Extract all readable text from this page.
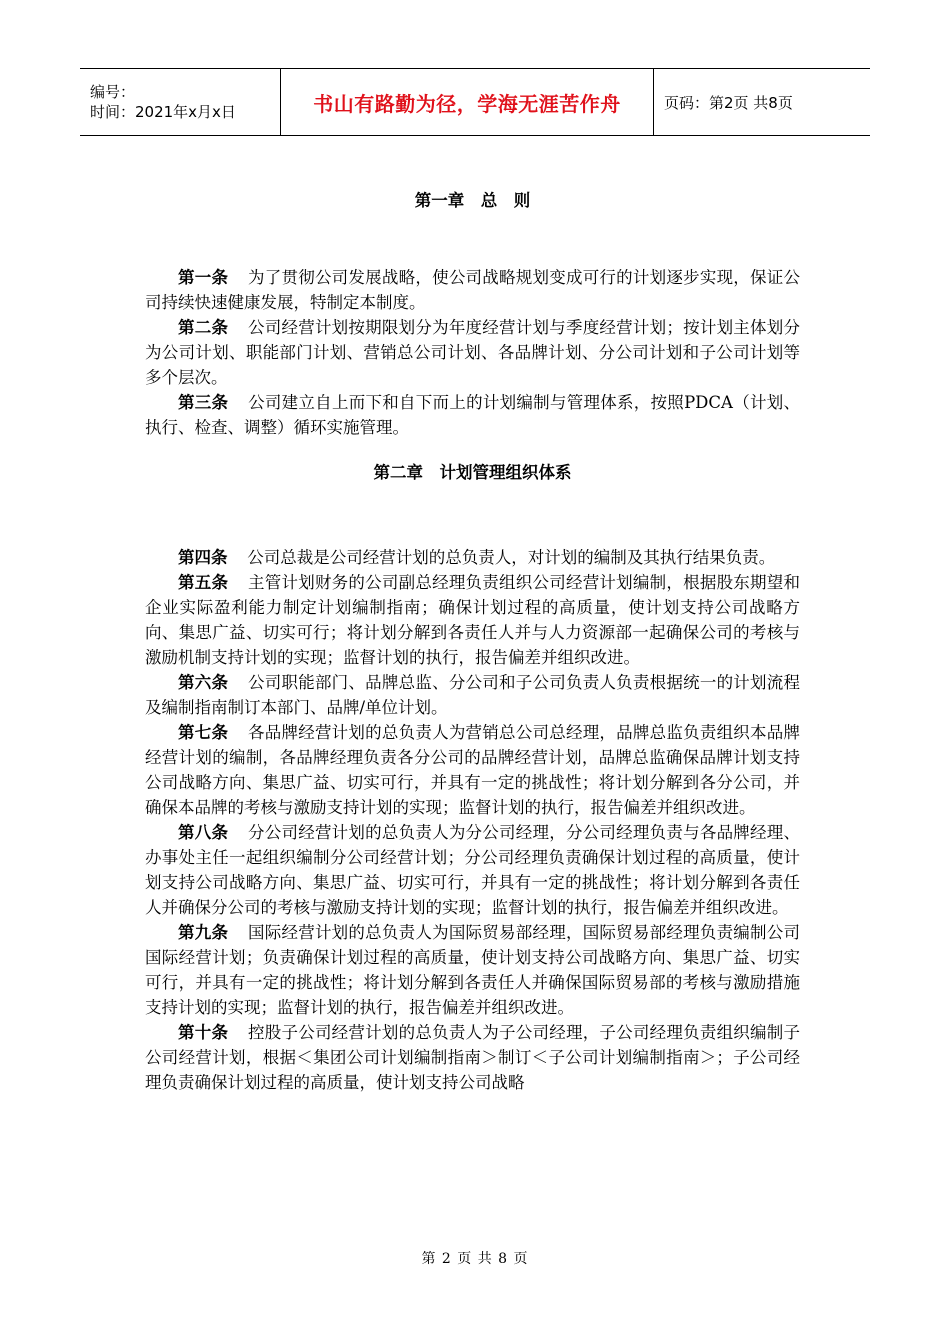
编号：
时间：2021年x月x日	书山有路勤为径，学海无涯苦作舟	页码：第2页 共8页
第一章　总　则

第一条 为了贯彻公司发展战略，使公司战略规划变成可行的计划逐步实现，保证公司持续快速健康发展，特制定本制度。

第二条 公司经营计划按期限划分为年度经营计划与季度经营计划；按计划主体划分为公司计划、职能部门计划、营销总公司计划、各品牌计划、分公司计划和子公司计划等多个层次。

第三条 公司建立自上而下和自下而上的计划编制与管理体系，按照PDCA（计划、执行、检查、调整）循环实施管理。

第二章　计划管理组织体系

第四条 公司总裁是公司经营计划的总负责人，对计划的编制及其执行结果负责。

第五条 主管计划财务的公司副总经理负责组织公司经营计划编制，根据股东期望和企业实际盈利能力制定计划编制指南；确保计划过程的高质量，使计划支持公司战略方向、集思广益、切实可行；将计划分解到各责任人并与人力资源部一起确保公司的考核与激励机制支持计划的实现；监督计划的执行，报告偏差并组织改进。

第六条 公司职能部门、品牌总监、分公司和子公司负责人负责根据统一的计划流程及编制指南制订本部门、品牌/单位计划。

第七条 各品牌经营计划的总负责人为营销总公司总经理，品牌总监负责组织本品牌经营计划的编制，各品牌经理负责各分公司的品牌经营计划，品牌总监确保品牌计划支持公司战略方向、集思广益、切实可行，并具有一定的挑战性；将计划分解到各分公司，并确保本品牌的考核与激励支持计划的实现；监督计划的执行，报告偏差并组织改进。

第八条 分公司经营计划的总负责人为分公司经理，分公司经理负责与各品牌经理、办事处主任一起组织编制分公司经营计划；分公司经理负责确保计划过程的高质量，使计划支持公司战略方向、集思广益、切实可行，并具有一定的挑战性；将计划分解到各责任人并确保分公司的考核与激励支持计划的实现；监督计划的执行，报告偏差并组织改进。

第九条 国际经营计划的总负责人为国际贸易部经理，国际贸易部经理负责编制公司国际经营计划；负责确保计划过程的高质量，使计划支持公司战略方向、集思广益、切实可行，并具有一定的挑战性；将计划分解到各责任人并确保国际贸易部的考核与激励措施支持计划的实现；监督计划的执行，报告偏差并组织改进。

第十条 控股子公司经营计划的总负责人为子公司经理，子公司经理负责组织编制子公司经营计划，根据＜集团公司计划编制指南＞制订＜子公司计划编制指南＞；子公司经理负责确保计划过程的高质量，使计划支持公司战略

第 2 页 共 8 页
